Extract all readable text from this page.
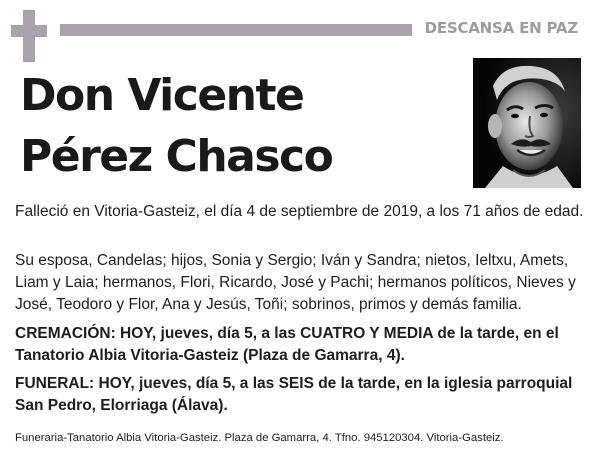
DESCANSA EN PAZ
Don Vicente
Pérez Chasco

Falleció en Vitoria-Gasteiz, el día 4 de septiembre de 2019, a los 71 años de edad.

Su esposa, Candelas; hijos, Sonia y Sergio; Iván y Sandra; nietos, Ieltxu, Amets, Liam y Laia; hermanos, Flori, Ricardo, José y Pachi; hermanos políticos, Nieves y José, Teodoro y Flor, Ana y Jesús, Toñi; sobrinos, primos y demás familia.

CREMACIÓN: HOY, jueves, día 5, a las CUATRO Y MEDIA de la tarde, en el Tanatorio Albia Vitoria-Gasteiz (Plaza de Gamarra, 4).

FUNERAL: HOY, jueves, día 5, a las SEIS de la tarde, en la iglesia parroquial San Pedro, Elorriaga (Álava).

Funeraria-Tanatorio Albia Vitoria-Gasteiz. Plaza de Gamarra, 4. Tfno. 945120304. Vitoria-Gasteiz.
